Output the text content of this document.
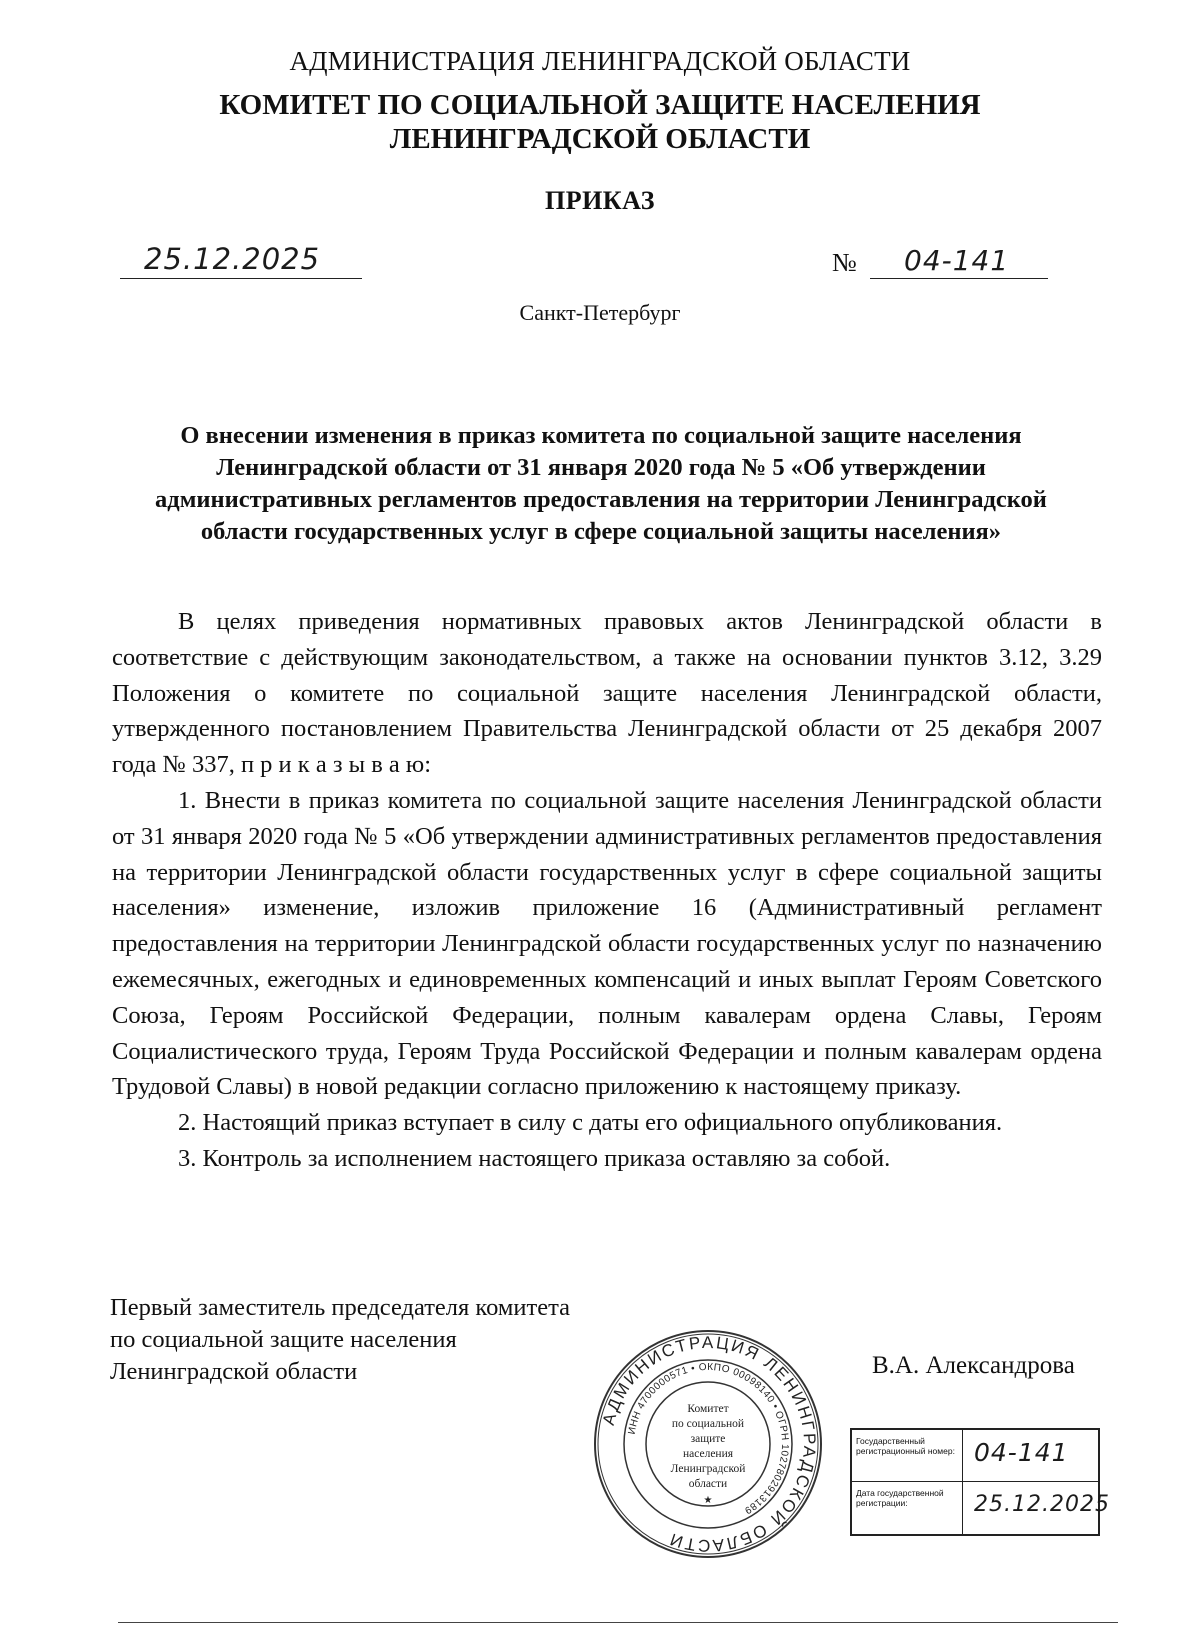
АДМИНИСТРАЦИЯ ЛЕНИНГРАДСКОЙ ОБЛАСТИ
КОМИТЕТ ПО СОЦИАЛЬНОЙ ЗАЩИТЕ НАСЕЛЕНИЯ
ЛЕНИНГРАДСКОЙ ОБЛАСТИ
ПРИКАЗ
25.12.2025	№ 04-141
Санкт-Петербург
О внесении изменения в приказ комитета по социальной защите населения Ленинградской области от 31 января 2020 года № 5 «Об утверждении административных регламентов предоставления на территории Ленинградской области государственных услуг в сфере социальной защиты населения»

В целях приведения нормативных правовых актов Ленинградской области в соответствие с действующим законодательством, а также на основании пунктов 3.12, 3.29 Положения о комитете по социальной защите населения Ленинградской области, утвержденного постановлением Правительства Ленинградской области от 25 декабря 2007 года № 337, п р и к а з ы в а ю:

1. Внести в приказ комитета по социальной защите населения Ленинградской области от 31 января 2020 года № 5 «Об утверждении административных регламентов предоставления на территории Ленинградской области государственных услуг в сфере социальной защиты населения» изменение, изложив приложение 16 (Административный регламент предоставления на территории Ленинградской области государственных услуг по назначению ежемесячных, ежегодных и единовременных компенсаций и иных выплат Героям Советского Союза, Героям Российской Федерации, полным кавалерам ордена Славы, Героям Социалистического труда, Героям Труда Российской Федерации и полным кавалерам ордена Трудовой Славы) в новой редакции согласно приложению к настоящему приказу.

2. Настоящий приказ вступает в силу с даты его официального опубликования.

3. Контроль за исполнением настоящего приказа оставляю за собой.

Первый заместитель председателя комитета
по социальной защите населения
Ленинградской области	В.А. Александрова
АДМИНИСТРАЦИЯ ЛЕНИНГРАДСКОЙ ОБЛАСТИ
ИНН 4700000571 • ОКПО 00098140 • ОГРН 1027802913189
Комитет
по социальной
защите
населения
Ленинградской
области
★
Государственный регистрационный номер: 04-141
Дата государственной регистрации:	25.12.2025
